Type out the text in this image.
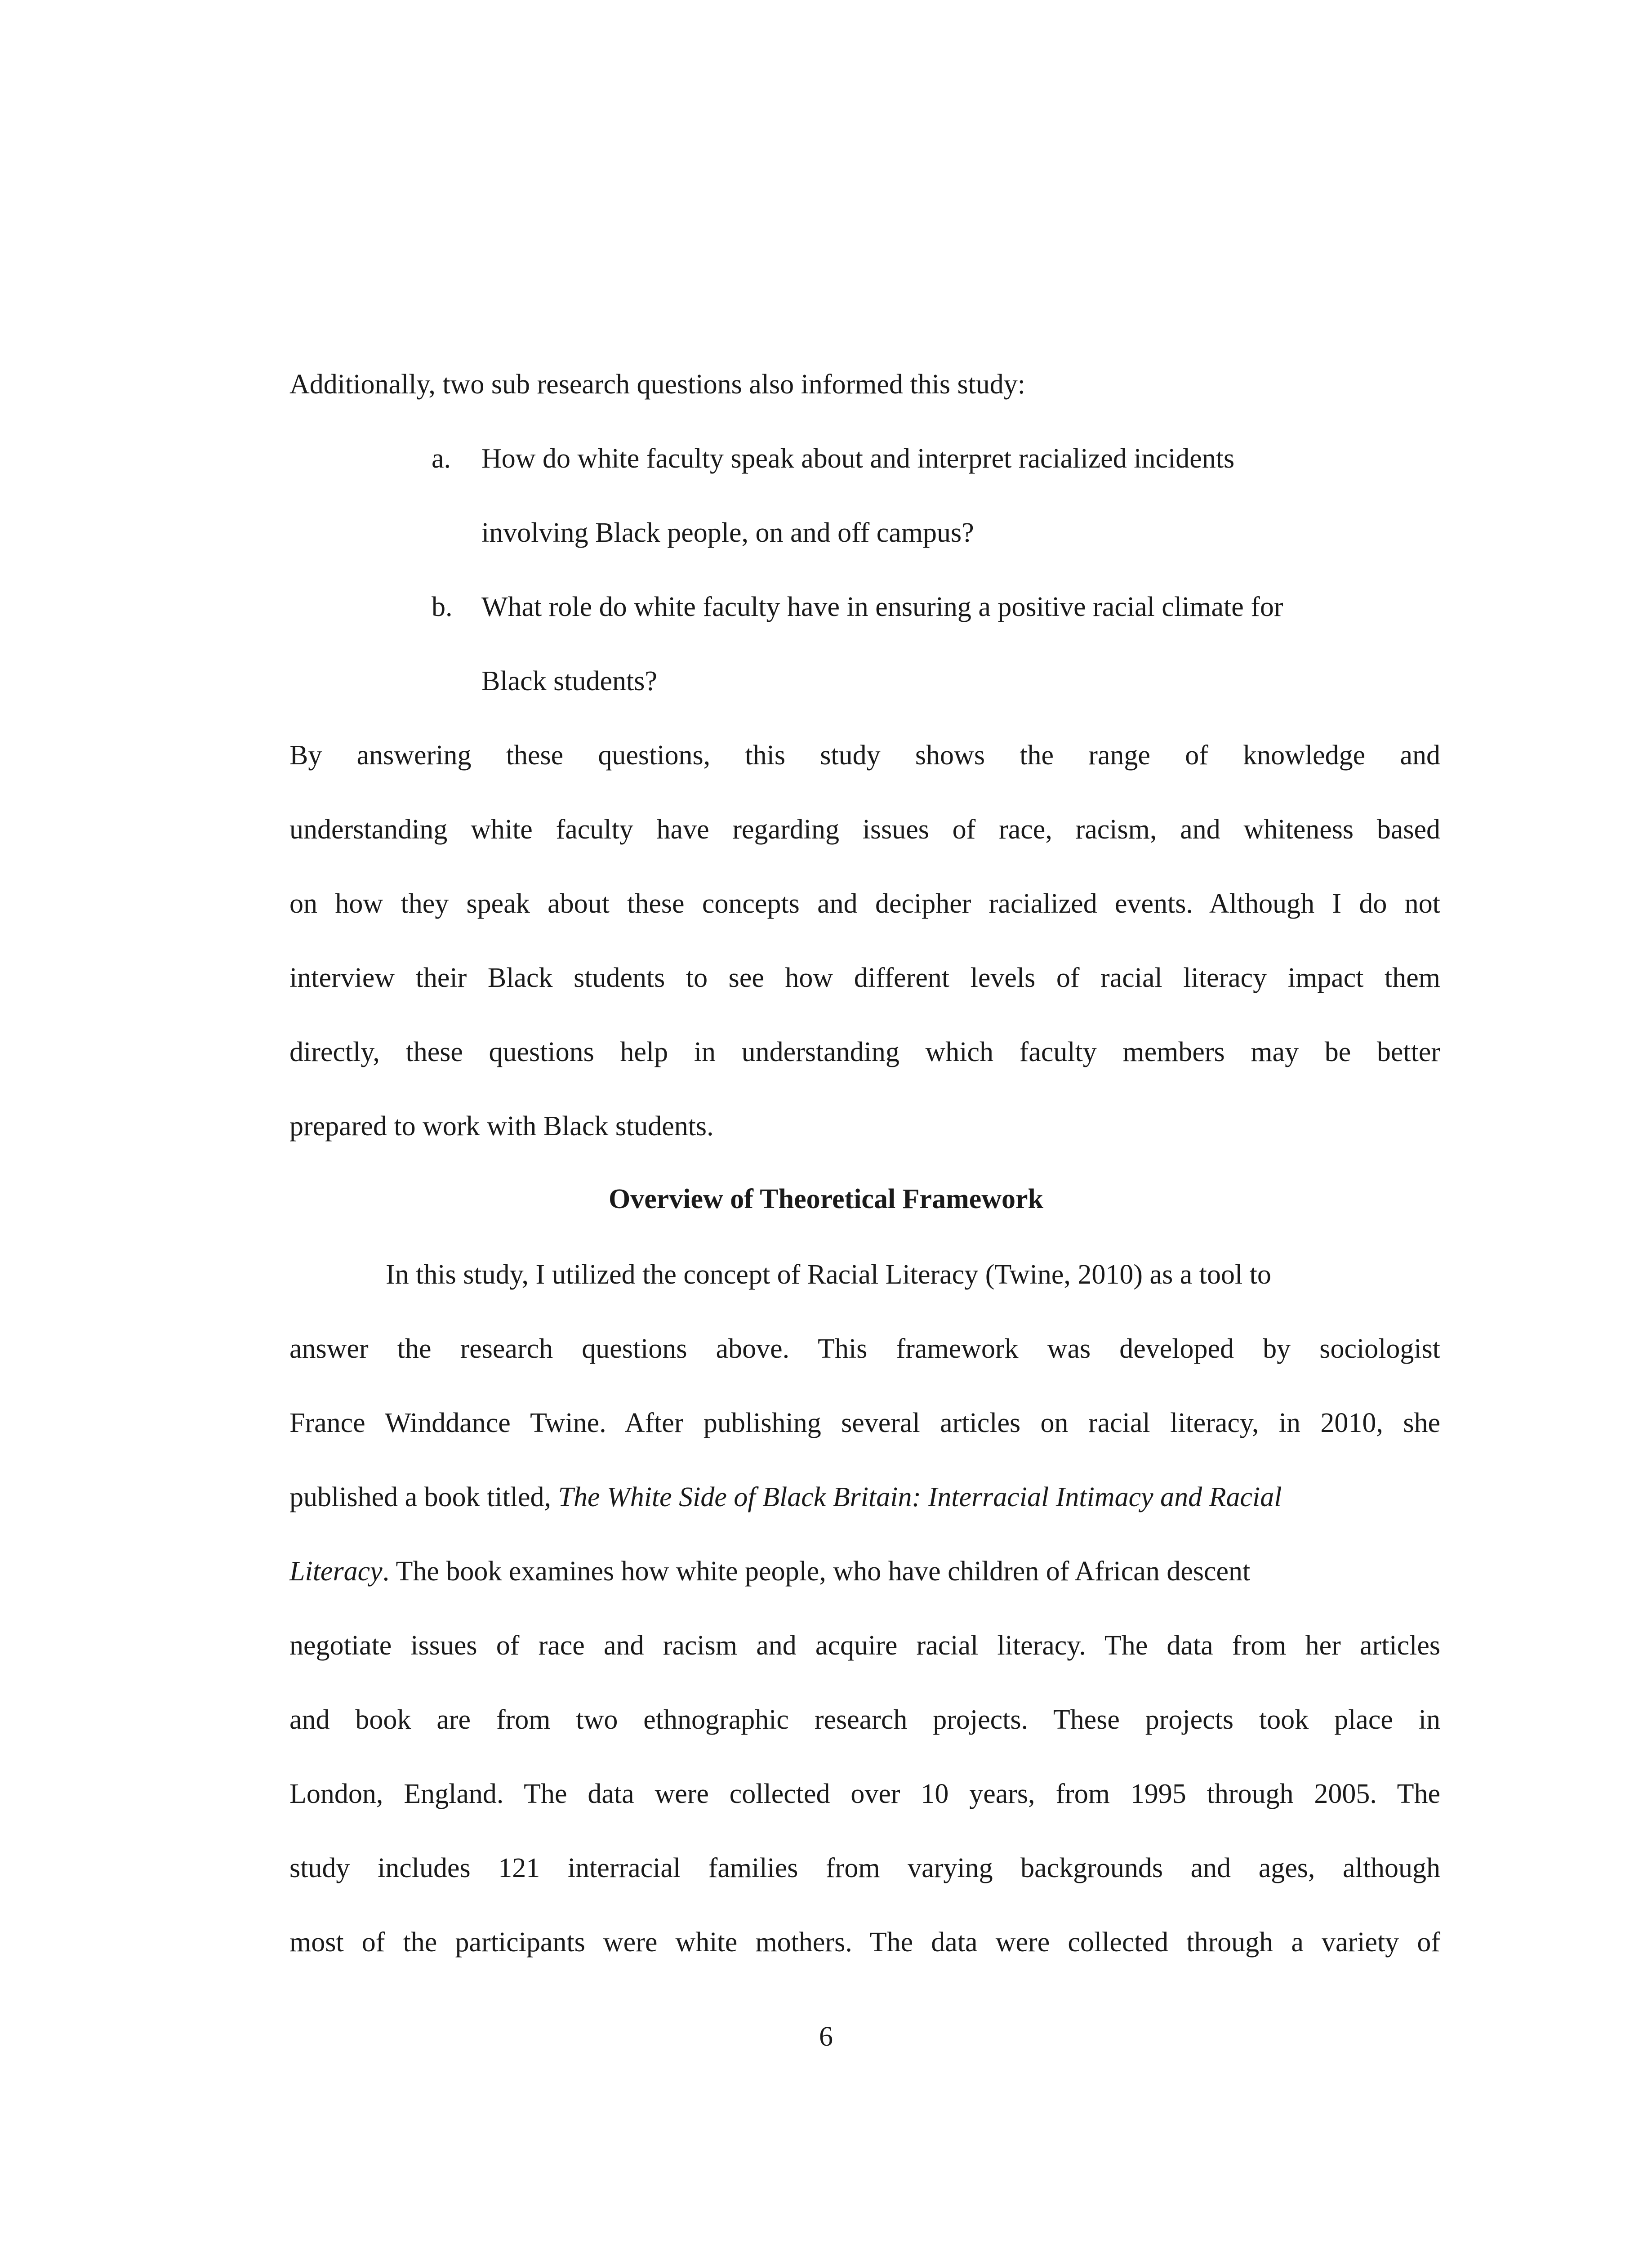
Additionally, two sub research questions also informed this study:

a. How do white faculty speak about and interpret racialized incidents

involving Black people, on and off campus?

b. What role do white faculty have in ensuring a positive racial climate for

Black students?

By answering these questions, this study shows the range of knowledge and

understanding white faculty have regarding issues of race, racism, and whiteness based

on how they speak about these concepts and decipher racialized events. Although I do not

interview their Black students to see how different levels of racial literacy impact them

directly, these questions help in understanding which faculty members may be better

prepared to work with Black students.

Overview of Theoretical Framework

In this study, I utilized the concept of Racial Literacy (Twine, 2010) as a tool to

answer the research questions above. This framework was developed by sociologist

France Winddance Twine. After publishing several articles on racial literacy, in 2010, she

published a book titled, The White Side of Black Britain: Interracial Intimacy and Racial

Literacy. The book examines how white people, who have children of African descent

negotiate issues of race and racism and acquire racial literacy. The data from her articles

and book are from two ethnographic research projects. These projects took place in

London, England. The data were collected over 10 years, from 1995 through 2005. The

study includes 121 interracial families from varying backgrounds and ages, although

most of the participants were white mothers. The data were collected through a variety of

6
